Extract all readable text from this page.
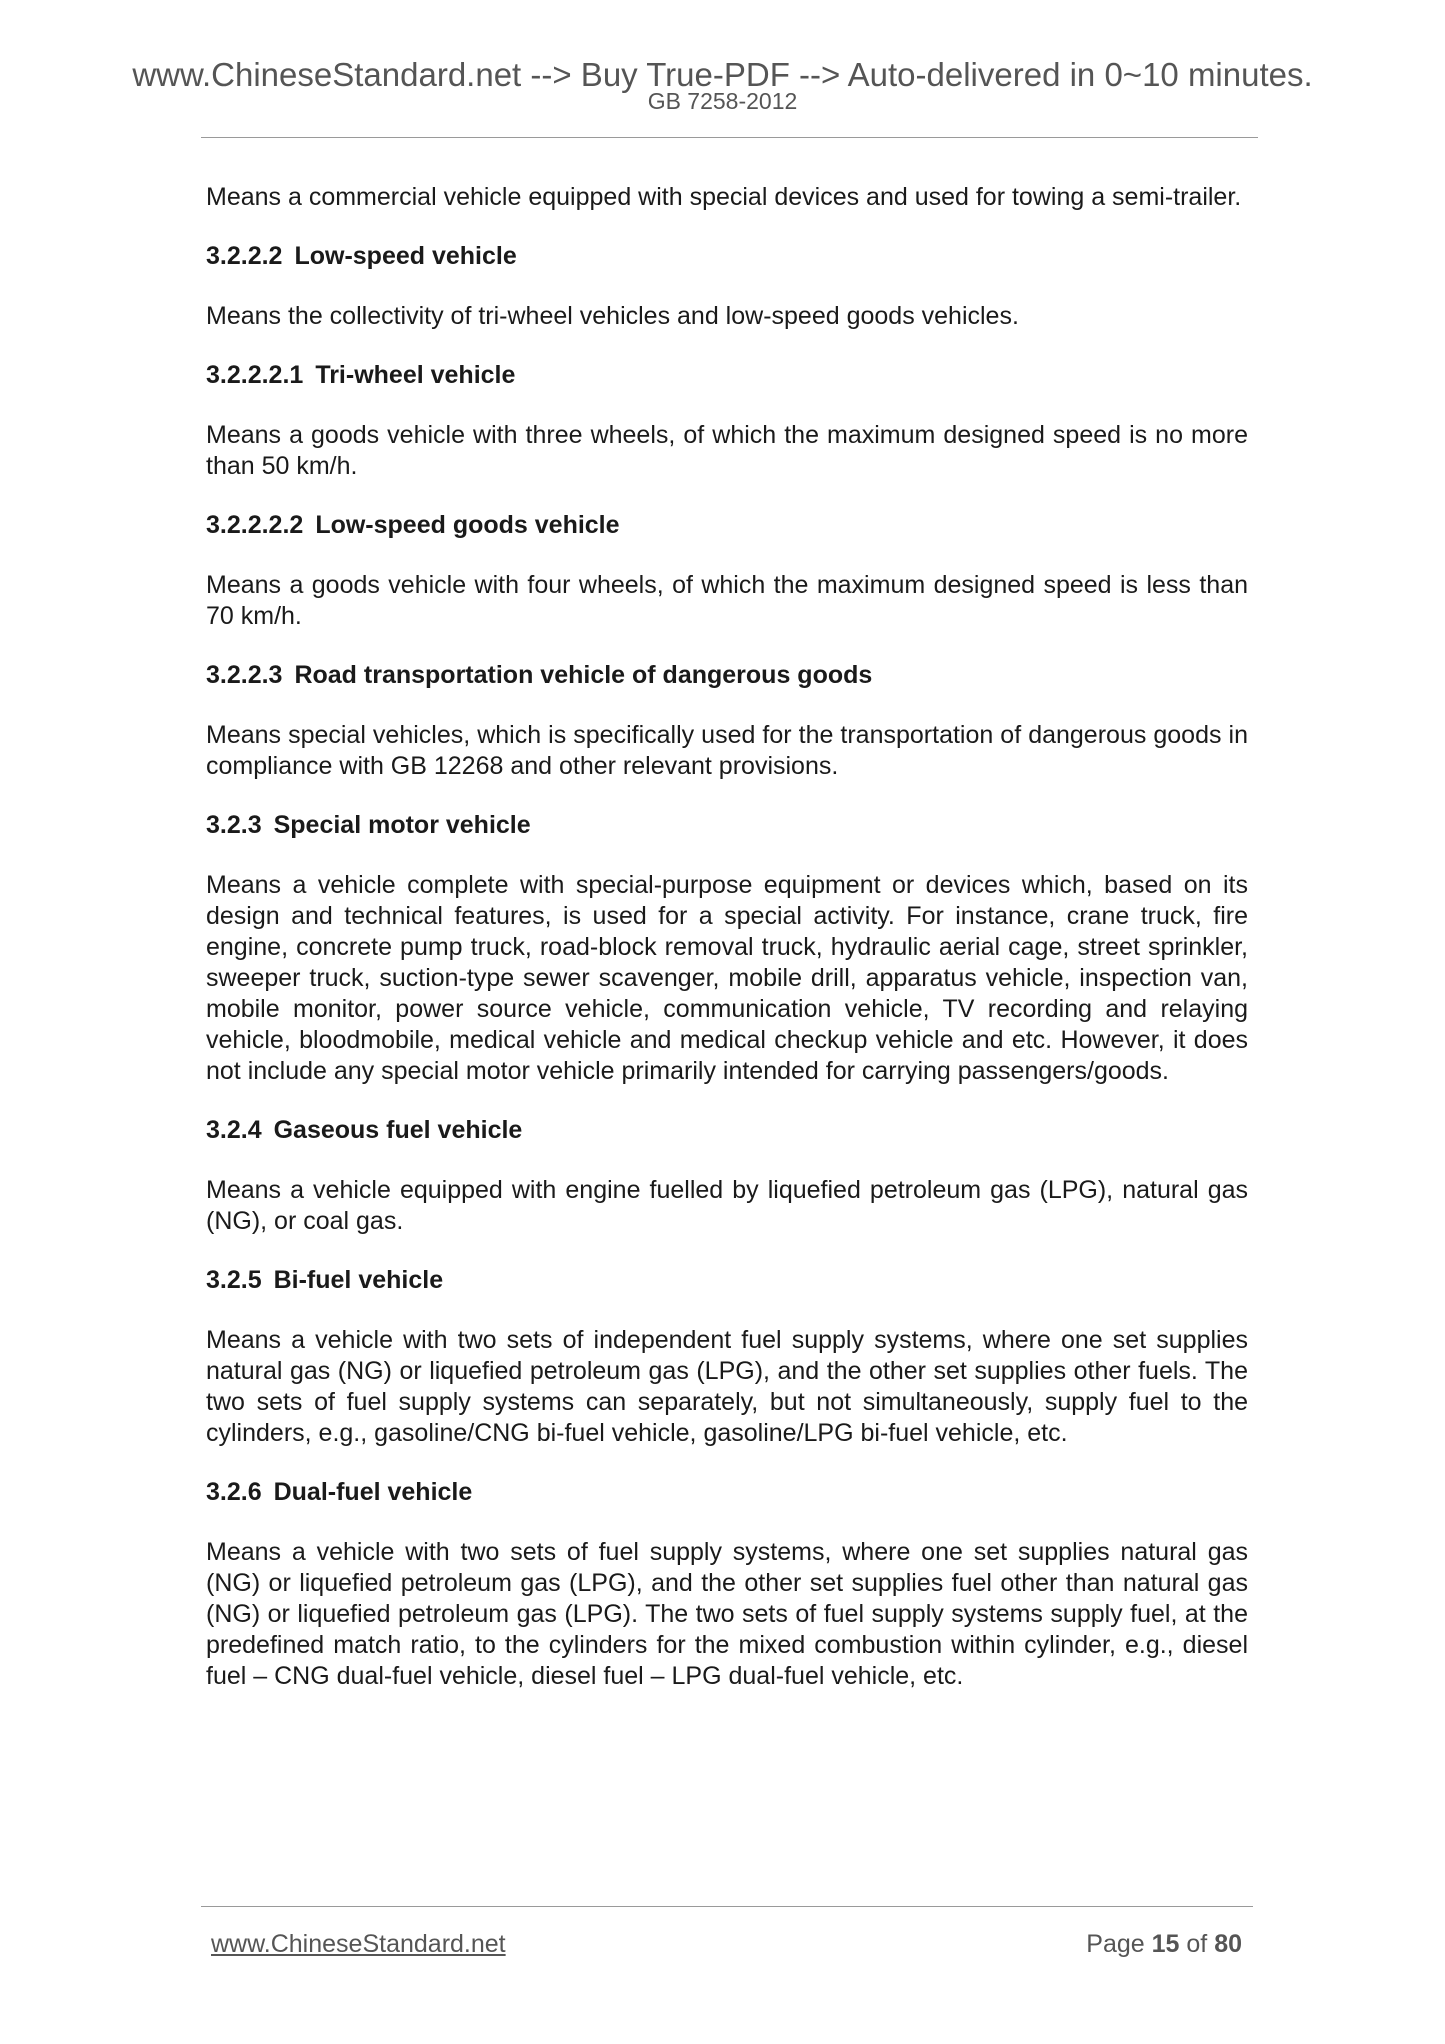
www.ChineseStandard.net --> Buy True-PDF --> Auto-delivered in 0~10 minutes.
GB 7258-2012

Means a commercial vehicle equipped with special devices and used for towing a semi-trailer.

3.2.2.2 Low-speed vehicle

Means the collectivity of tri-wheel vehicles and low-speed goods vehicles.

3.2.2.2.1 Tri-wheel vehicle

Means a goods vehicle with three wheels, of which the maximum designed speed is no more than 50 km/h.

3.2.2.2.2 Low-speed goods vehicle

Means a goods vehicle with four wheels, of which the maximum designed speed is less than 70 km/h.

3.2.2.3 Road transportation vehicle of dangerous goods

Means special vehicles, which is specifically used for the transportation of dangerous goods in compliance with GB 12268 and other relevant provisions.

3.2.3 Special motor vehicle

Means a vehicle complete with special-purpose equipment or devices which, based on its design and technical features, is used for a special activity. For instance, crane truck, fire engine, concrete pump truck, road-block removal truck, hydraulic aerial cage, street sprinkler, sweeper truck, suction-type sewer scavenger, mobile drill, apparatus vehicle, inspection van, mobile monitor, power source vehicle, communication vehicle, TV recording and relaying vehicle, bloodmobile, medical vehicle and medical checkup vehicle and etc. However, it does not include any special motor vehicle primarily intended for carrying passengers/goods.

3.2.4 Gaseous fuel vehicle

Means a vehicle equipped with engine fuelled by liquefied petroleum gas (LPG), natural gas (NG), or coal gas.

3.2.5 Bi-fuel vehicle

Means a vehicle with two sets of independent fuel supply systems, where one set supplies natural gas (NG) or liquefied petroleum gas (LPG), and the other set supplies other fuels. The two sets of fuel supply systems can separately, but not simultaneously, supply fuel to the cylinders, e.g., gasoline/CNG bi-fuel vehicle, gasoline/LPG bi-fuel vehicle, etc.

3.2.6 Dual-fuel vehicle

Means a vehicle with two sets of fuel supply systems, where one set supplies natural gas (NG) or liquefied petroleum gas (LPG), and the other set supplies fuel other than natural gas (NG) or liquefied petroleum gas (LPG). The two sets of fuel supply systems supply fuel, at the predefined match ratio, to the cylinders for the mixed combustion within cylinder, e.g., diesel fuel – CNG dual-fuel vehicle, diesel fuel – LPG dual-fuel vehicle, etc.

www.ChineseStandard.net	Page 15 of 80
